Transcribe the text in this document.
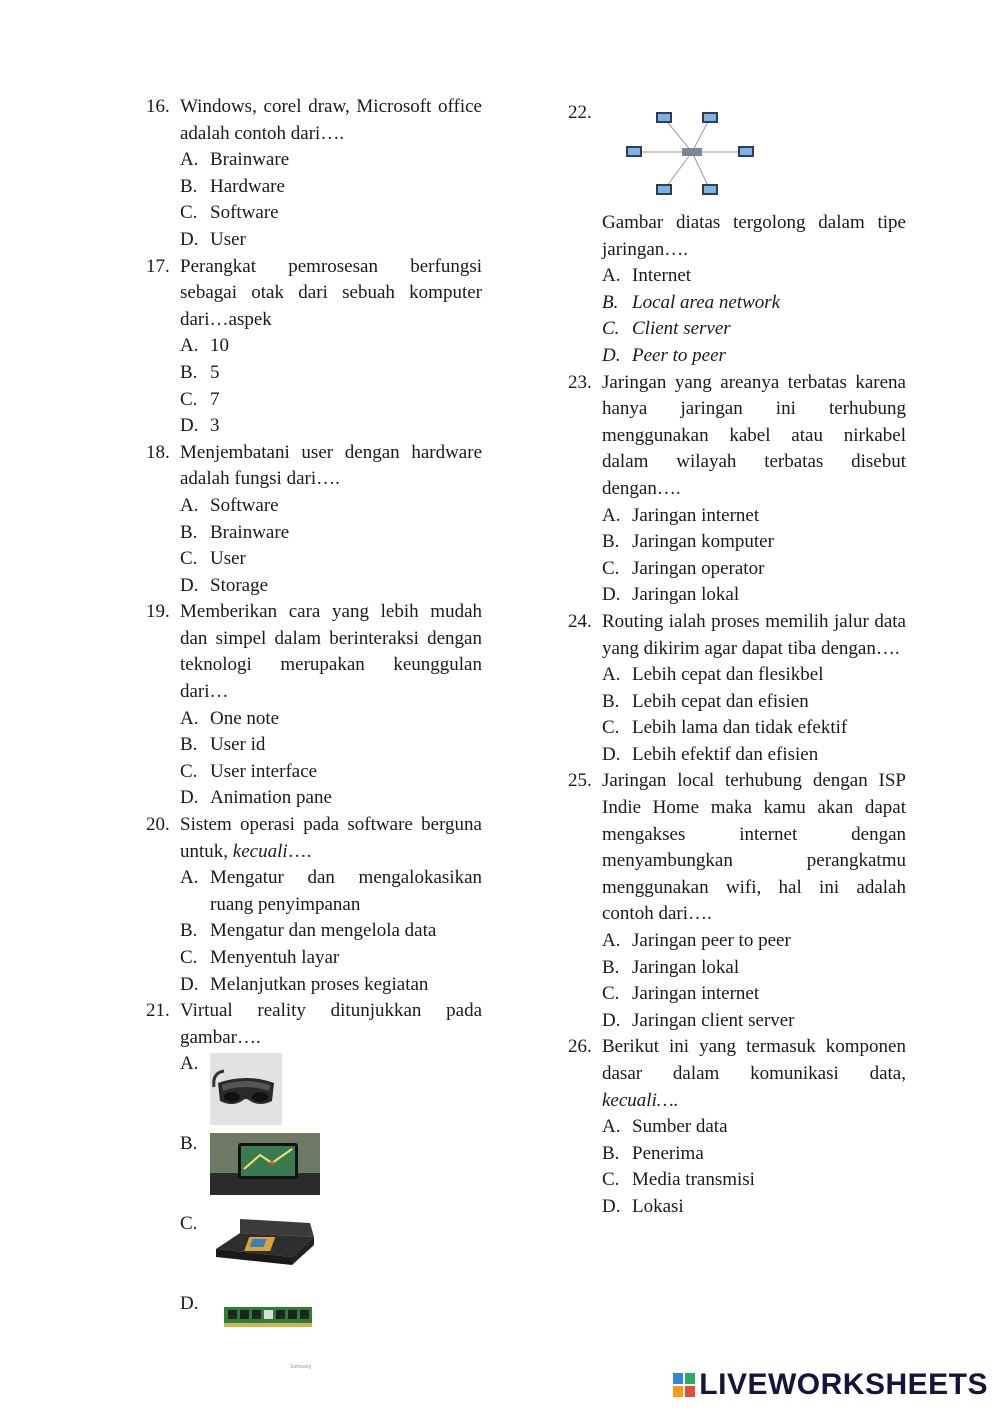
16. Windows, corel draw, Microsoft office adalah contoh dari….
A. Brainware
B. Hardware
C. Software
D. User
17. Perangkat pemrosesan berfungsi sebagai otak dari sebuah komputer dari…aspek
A. 10
B. 5
C. 7
D. 3
18. Menjembatani user dengan hardware adalah fungsi dari….
A. Software
B. Brainware
C. User
D. Storage
19. Memberikan cara yang lebih mudah dan simpel dalam berinteraksi dengan teknologi merupakan keunggulan dari…
A. One note
B. User id
C. User interface
D. Animation pane
20. Sistem operasi pada software berguna untuk, kecuali….
A. Mengatur dan mengalokasikan ruang penyimpanan
B. Mengatur dan mengelola data
C. Menyentuh layar
D. Melanjutkan proses kegiatan
21. Virtual reality ditunjukkan pada gambar….
A.
B.
C.
D.
Samsung
22.
Gambar diatas tergolong dalam tipe jaringan….
A. Internet
B. Local area network
C. Client server
D. Peer to peer
23. Jaringan yang areanya terbatas karena hanya jaringan ini terhubung menggunakan kabel atau nirkabel dalam wilayah terbatas disebut dengan….
A. Jaringan internet
B. Jaringan komputer
C. Jaringan operator
D. Jaringan lokal
24. Routing ialah proses memilih jalur data yang dikirim agar dapat tiba dengan….
A. Lebih cepat dan flesikbel
B. Lebih cepat dan efisien
C. Lebih lama dan tidak efektif
D. Lebih efektif dan efisien
25. Jaringan local terhubung dengan ISP Indie Home maka kamu akan dapat mengakses internet dengan menyambungkan perangkatmu menggunakan wifi, hal ini adalah contoh dari….
A. Jaringan peer to peer
B. Jaringan lokal
C. Jaringan internet
D. Jaringan client server
26. Berikut ini yang termasuk komponen dasar dalam komunikasi data, kecuali….
A. Sumber data
B. Penerima
C. Media transmisi
D. Lokasi
LIVEWORKSHEETS
